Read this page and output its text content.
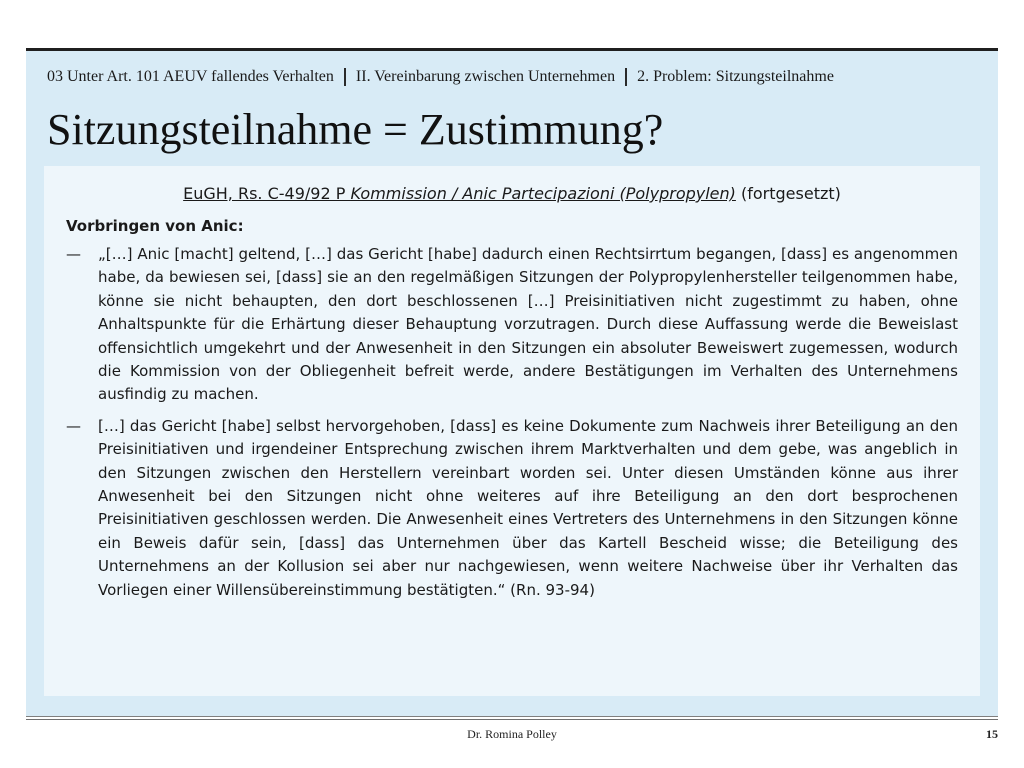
03 Unter Art. 101 AEUV fallendes Verhalten II. Vereinbarung zwischen Unternehmen 2. Problem: Sitzungsteilnahme
Sitzungsteilnahme = Zustimmung?
EuGH, Rs. C-49/92 P Kommission / Anic Partecipazioni (Polypropylen) (fortgesetzt)
Vorbringen von Anic:
—	„[…] Anic [macht] geltend, […] das Gericht [habe] dadurch einen Rechtsirrtum begangen, [dass] es angenommen habe, da bewiesen sei, [dass] sie an den regelmäßigen Sitzungen der Polypropylenhersteller teilgenommen habe, könne sie nicht behaupten, den dort beschlossenen […] Preisinitiativen nicht zugestimmt zu haben, ohne Anhaltspunkte für die Erhärtung dieser Behauptung vorzutragen. Durch diese Auffassung werde die Beweislast offensichtlich umgekehrt und der Anwesenheit in den Sitzungen ein absoluter Beweiswert zugemessen, wodurch die Kommission von der Obliegenheit befreit werde, andere Bestätigungen im Verhalten des Unternehmens ausfindig zu machen.
—	[…] das Gericht [habe] selbst hervorgehoben, [dass] es keine Dokumente zum Nachweis ihrer Beteiligung an den Preisinitiativen und irgendeiner Entsprechung zwischen ihrem Marktverhalten und dem gebe, was angeblich in den Sitzungen zwischen den Herstellern vereinbart worden sei. Unter diesen Umständen könne aus ihrer Anwesenheit bei den Sitzungen nicht ohne weiteres auf ihre Beteiligung an den dort besprochenen Preisinitiativen geschlossen werden. Die Anwesenheit eines Vertreters des Unternehmens in den Sitzungen könne ein Beweis dafür sein, [dass] das Unternehmen über das Kartell Bescheid wisse; die Beteiligung des Unternehmens an der Kollusion sei aber nur nachgewiesen, wenn weitere Nachweise über ihr Verhalten das Vorliegen einer Willensübereinstimmung bestätigten.“ (Rn. 93-94)
Dr. Romina Polley	15
